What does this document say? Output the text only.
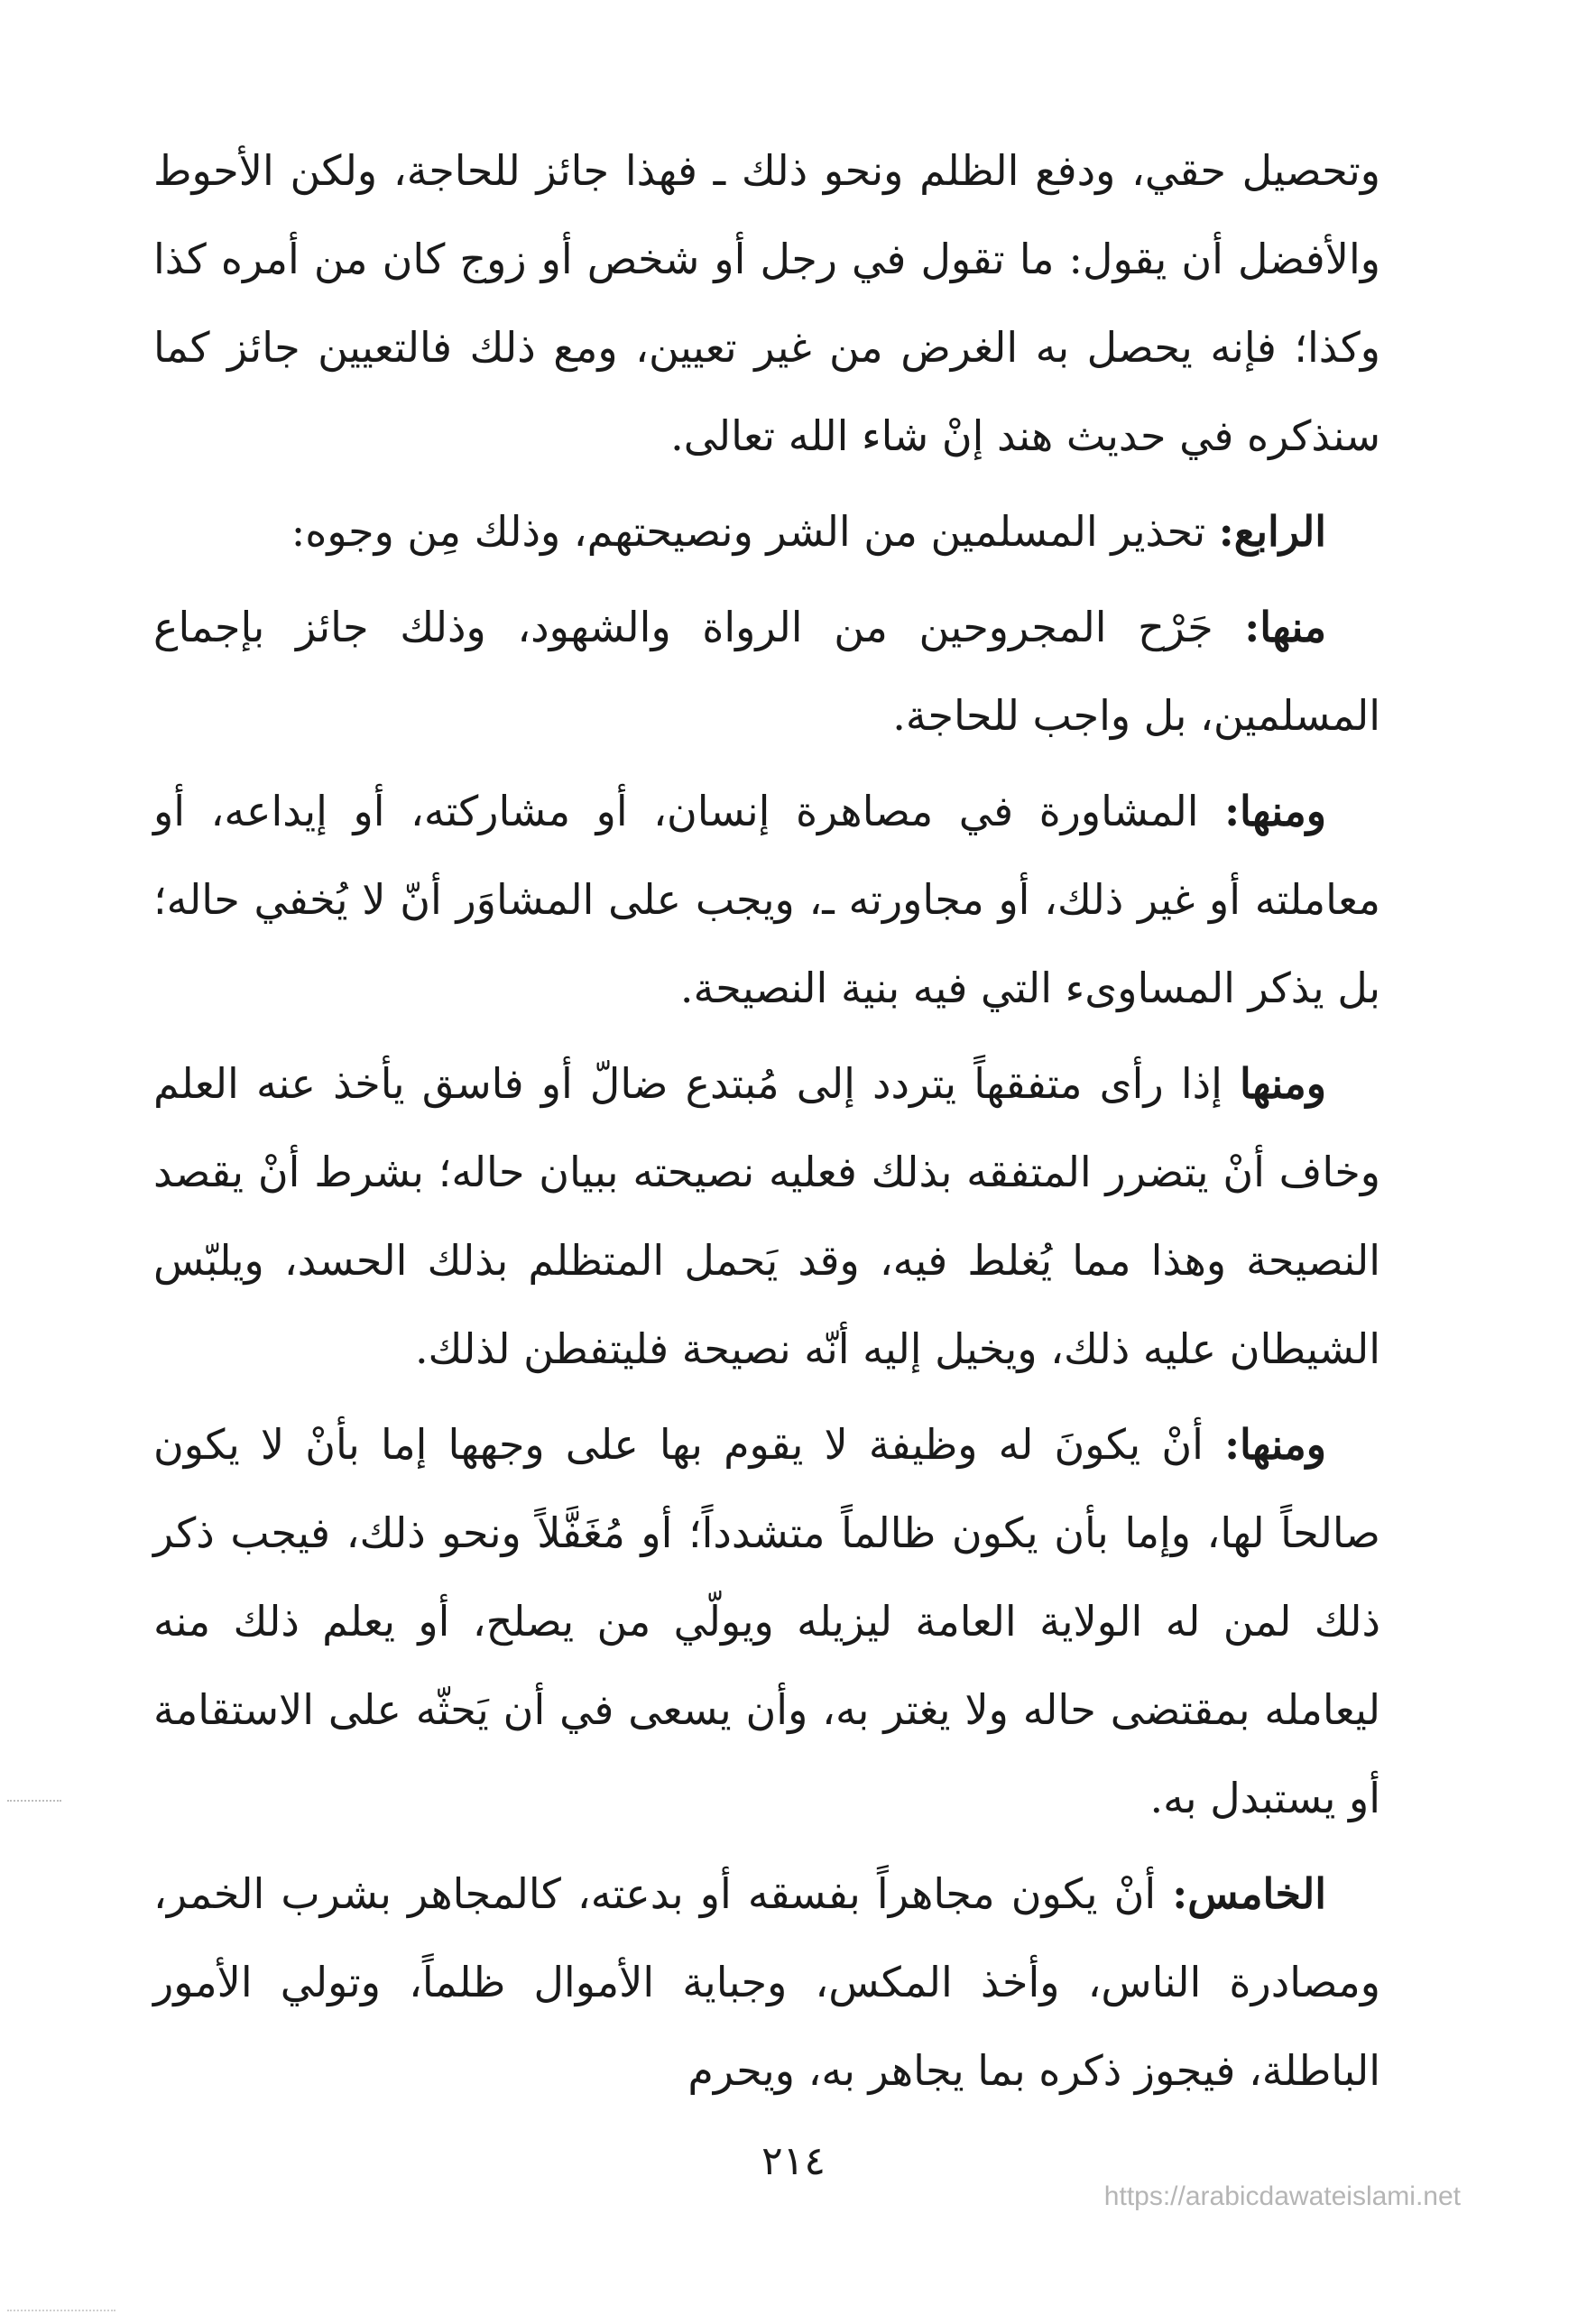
وتحصيل حقي، ودفع الظلم ونحو ذلك ـ فهذا جائز للحاجة، ولكن الأحوط والأفضل أن يقول: ما تقول في رجل أو شخص أو زوج كان من أمره كذا وكذا؛ فإنه يحصل به الغرض من غير تعيين، ومع ذلك فالتعيين جائز كما سنذكره في حديث هند إنْ شاء الله تعالى.

الرابع: تحذير المسلمين من الشر ونصيحتهم، وذلك مِن وجوه:

منها: جَرْح المجروحين من الرواة والشهود، وذلك جائز بإجماع المسلمين، بل واجب للحاجة.

ومنها: المشاورة في مصاهرة إنسان، أو مشاركته، أو إيداعه، أو معاملته أو غير ذلك، أو مجاورته ـ، ويجب على المشاوَر أنّ لا يُخفي حاله؛ بل يذكر المساوىء التي فيه بنية النصيحة.

ومنها إذا رأى متفقهاً يتردد إلى مُبتدع ضالّ أو فاسق يأخذ عنه العلم وخاف أنْ يتضرر المتفقه بذلك فعليه نصيحته ببيان حاله؛ بشرط أنْ يقصد النصيحة وهذا مما يُغلط فيه، وقد يَحمل المتظلم بذلك الحسد، ويلبّس الشيطان عليه ذلك، ويخيل إليه أنّه نصيحة فليتفطن لذلك.

ومنها: أنْ يكونَ له وظيفة لا يقوم بها على وجهها إما بأنْ لا يكون صالحاً لها، وإما بأن يكون ظالماً متشدداً؛ أو مُغَفَّلاً ونحو ذلك، فيجب ذكر ذلك لمن له الولاية العامة ليزيله ويولّي من يصلح، أو يعلم ذلك منه ليعامله بمقتضى حاله ولا يغتر به، وأن يسعى في أن يَحثّه على الاستقامة أو يستبدل به.

الخامس: أنْ يكون مجاهراً بفسقه أو بدعته، كالمجاهر بشرب الخمر، ومصادرة الناس، وأخذ المكس، وجباية الأموال ظلماً، وتولي الأمور الباطلة، فيجوز ذكره بما يجاهر به، ويحرم

٢١٤
https://arabicdawateislami.net
